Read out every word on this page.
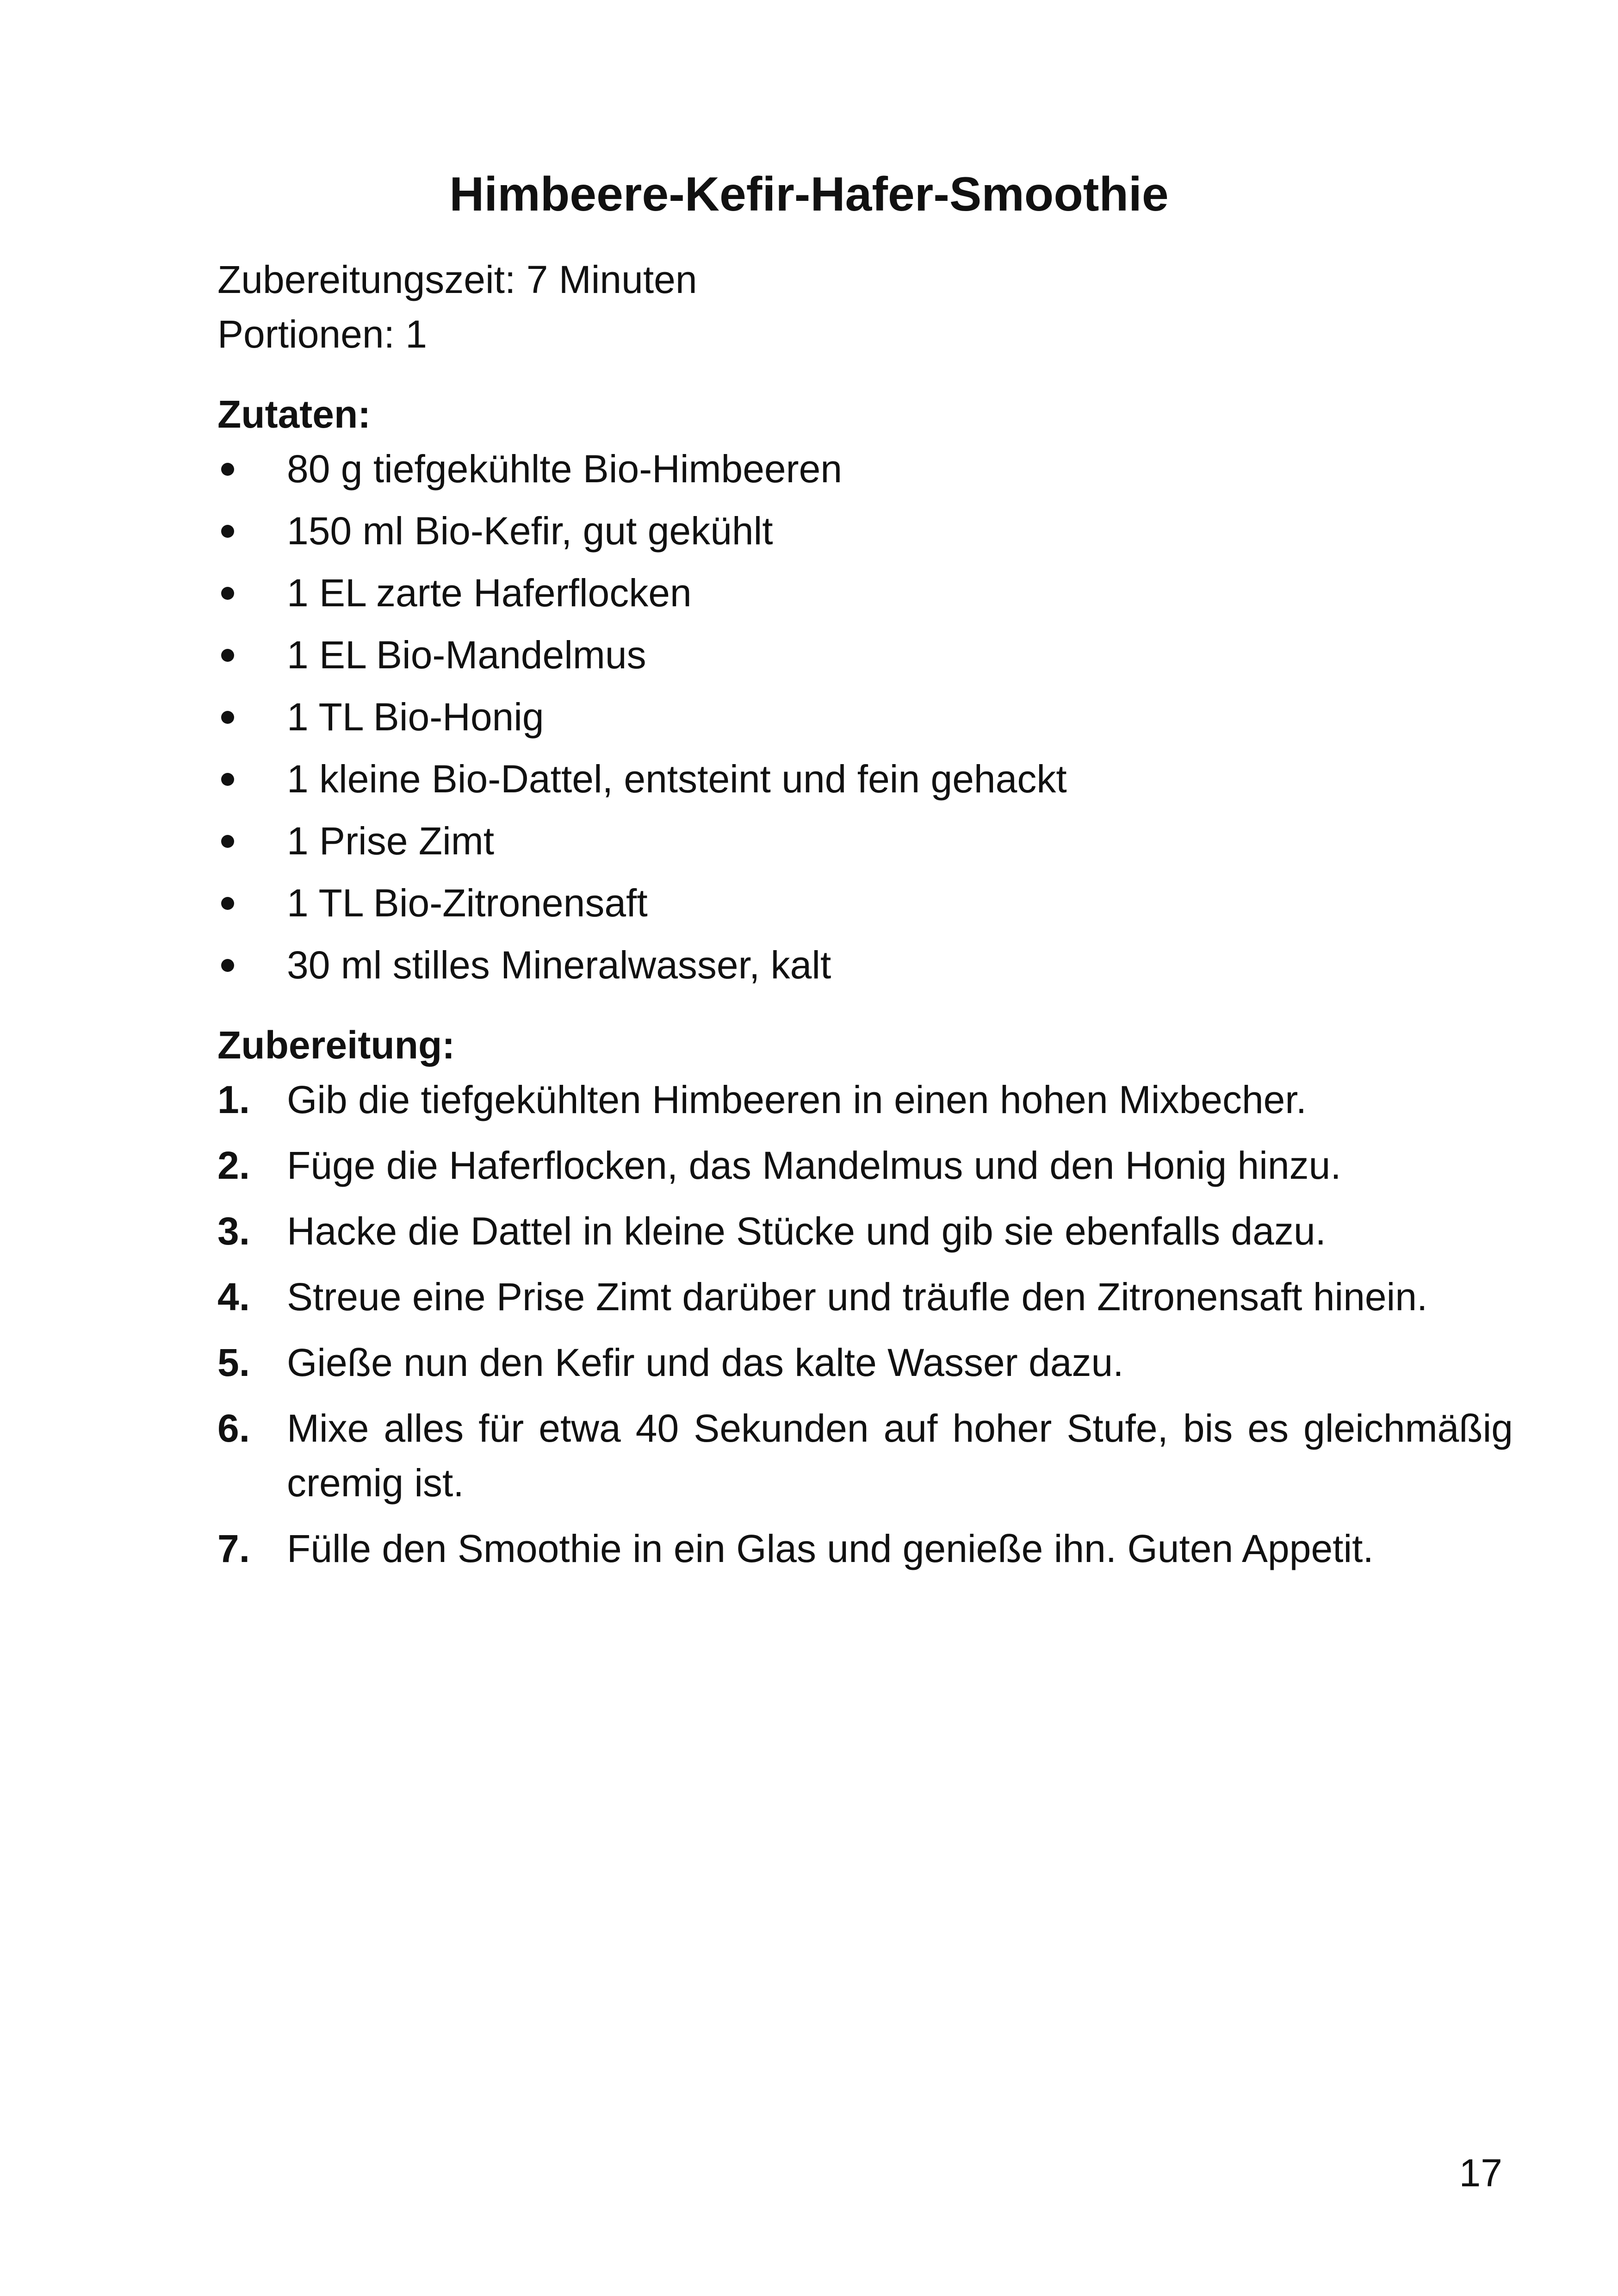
Himbeere-Kefir-Hafer-Smoothie

Zubereitungszeit: 7 Minuten

Portionen: 1

Zutaten:

80 g tiefgekühlte Bio-Himbeeren
150 ml Bio-Kefir, gut gekühlt
1 EL zarte Haferflocken
1 EL Bio-Mandelmus
1 TL Bio-Honig
1 kleine Bio-Dattel, entsteint und fein gehackt
1 Prise Zimt
1 TL Bio-Zitronensaft
30 ml stilles Mineralwasser, kalt

Zubereitung:

1. Gib die tiefgekühlten Himbeeren in einen hohen Mixbecher.
2. Füge die Haferflocken, das Mandelmus und den Honig hinzu.
3. Hacke die Dattel in kleine Stücke und gib sie ebenfalls dazu.
4. Streue eine Prise Zimt darüber und träufle den Zitronensaft hinein.
5. Gieße nun den Kefir und das kalte Wasser dazu.
6. Mixe alles für etwa 40 Sekunden auf hoher Stufe, bis es gleichmäßig cremig ist.
7. Fülle den Smoothie in ein Glas und genieße ihn. Guten Appetit.
17
